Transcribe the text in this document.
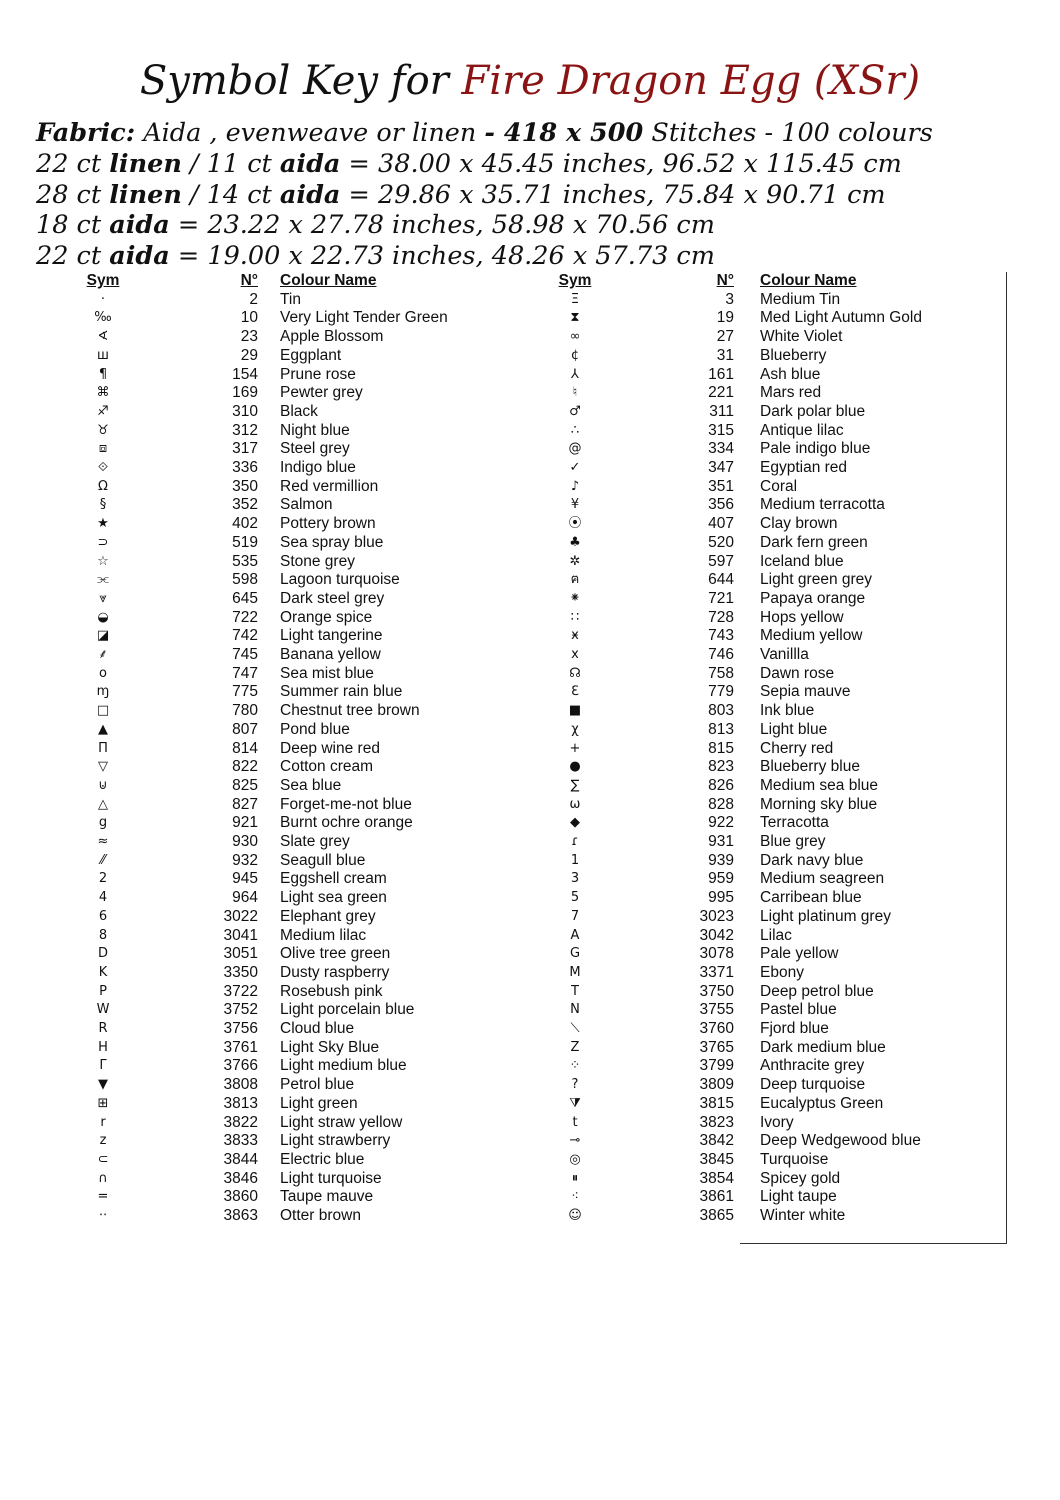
Symbol Key for Fire Dragon Egg (XSr)
Fabric: Aida , evenweave or linen - 418 x 500 Stitches - 100 colours
22 ct linen / 11 ct aida = 38.00 x 45.45 inches, 96.52 x 115.45 cm
28 ct linen / 14 ct aida = 29.86 x 35.71 inches, 75.84 x 90.71 cm
18 ct aida = 23.22 x 27.78 inches, 58.98 x 70.56 cm
22 ct aida = 19.00 x 22.73 inches, 48.26 x 57.73 cm
Sym	N° Colour Name	Sym	N° Colour Name
·	2 Tin	Ξ	3 Medium Tin
‰	10 Very Light Tender Green	⧗	19 Med Light Autumn Gold
∢	23 Apple Blossom	∞	27 White Violet
ш	29 Eggplant	¢	31 Blueberry
¶	154 Prune rose	⅄	161 Ash blue
⌘	169 Pewter grey	♮	221 Mars red
♐	310 Black	♂	311 Dark polar blue
♉	312 Night blue	∴	315 Antique lilac
⧈	317 Steel grey	@	334 Pale indigo blue
⟐	336 Indigo blue	✓	347 Egyptian red
Ω	350 Red vermillion	♪	351 Coral
§	352 Salmon	¥	356 Medium terracotta
★	402 Pottery brown	⦿	407 Clay brown
⊃	519 Sea spray blue	♣	520 Dark fern green
☆	535 Stone grey	✲	597 Iceland blue
⫘	598 Lagoon turquoise	ฅ	644 Light green grey
⩔	645 Dark steel grey	⁕	721 Papaya orange
◒	722 Orange spice	∷	728 Hops yellow
◪	742 Light tangerine	ӿ	743 Medium yellow
⸙	745 Banana yellow	x	746 Vanillla
o	747 Sea mist blue	☊	758 Dawn rose
ɱ	775 Summer rain blue	ℇ	779 Sepia mauve
□	780 Chestnut tree brown	■	803 Ink blue
▲	807 Pond blue	χ	813 Light blue
Π	814 Deep wine red	+	815 Cherry red
▽	822 Cotton cream	●	823 Blueberry blue
⊍	825 Sea blue	∑	826 Medium sea blue
△	827 Forget-me-not blue	ω	828 Morning sky blue
g	921 Burnt ochre orange	◆	922 Terracotta
≈	930 Slate grey	ɾ	931 Blue grey
⁄⁄	932 Seagull blue	1	939 Dark navy blue
2	945 Eggshell cream	3	959 Medium seagreen
4	964 Light sea green	5	995 Carribean blue
6	3022 Elephant grey	7	3023 Light platinum grey
8	3041 Medium lilac	A	3042 Lilac
D	3051 Olive tree green	G	3078 Pale yellow
K	3350 Dusty raspberry	M	3371 Ebony
P	3722 Rosebush pink	T	3750 Deep petrol blue
W	3752 Light porcelain blue	N	3755 Pastel blue
R	3756 Cloud blue	⟍	3760 Fjord blue
H	3761 Light Sky Blue	Z	3765 Dark medium blue
Γ	3766 Light medium blue	⁘	3799 Anthracite grey
▼	3808 Petrol blue	?	3809 Deep turquoise
⊞	3813 Light green	⧩	3815 Eucalyptus Green
r	3822 Light straw yellow	t	3823 Ivory
z	3833 Light strawberry	⊸	3842 Deep Wedgewood blue
⊂	3844 Electric blue	◎	3845 Turquoise
∩	3846 Light turquoise	⏸	3854 Spicey gold
=	3860 Taupe mauve	⁖	3861 Light taupe
⋅⋅	3863 Otter brown	☺	3865 Winter white
